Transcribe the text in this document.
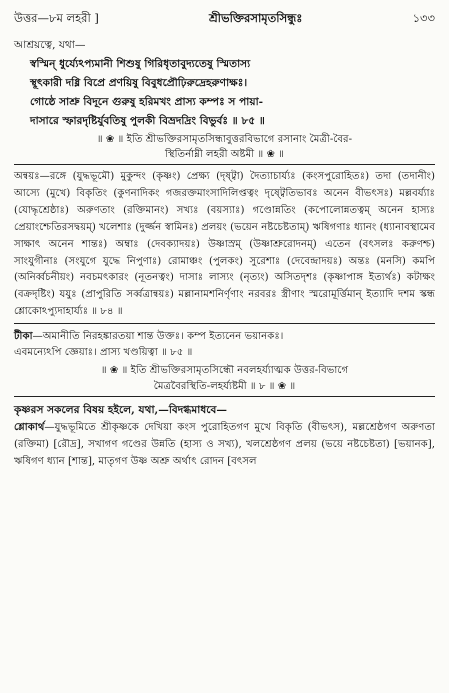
উত্তর—৮ম লহরী ]	শ্রীভক্তিরসামৃতসিন্ধুঃ	১৩৩
আশ্রয়ত্বে, যথা—
স্বস্মিন্‌ ধুর্য্যেঽপ্যমানী শিশুষু গিরিধৃতাবুদ্যতেষু স্মিতাস্য
স্থূৎকারী দধ্নি বিপ্রে প্রণয়িষু বিবুধপ্রৌঢ়িরুদ্রেহরুণাক্ষঃ।
গোষ্ঠে সাশ্রু বিদূনে গুরুষু হরিমখং প্রাস্য কম্পঃ স পায়া-
দাসারে স্ফারদৃষ্টির্যুবতিষু পুলকী বিভ্রদদ্রিং বিভুর্বঃ ॥ ৮৫ ॥

॥ ❀ ॥ ইতি শ্রীভক্তিরসামৃতসিন্ধাবুত্তরবিভাগে রসানাং মৈত্রী-বৈর-

স্থিতির্নাম্নী লহরী অষ্টমী ॥ ❀ ॥

অন্বয়ঃ—রঙ্গে (যুদ্ধভূমৌ) মুকুন্দং (কৃষ্ণং) প্রেক্ষ্য (দৃষ্ট্বা) দৈত্যাচার্য্যঃ (কংসপুরোহিতঃ) তদা (তদানীং) আস্যে (মুখে) বিকৃতিং (কুণনাদিকং গজরক্তমাংসাদিলিপ্তত্বং দৃষ্ট্বেতিভাবঃ অনেন বীভৎসঃ) মল্লবর্য্যাঃ (যোদ্ধৃশ্রেষ্ঠাঃ) অরুণতাং (রক্তিমানং) সখ্যঃ (বয়স্যাঃ) গণ্ডোন্নতিং (কপোলোন্নতত্বম্‌ অনেন হাস্যঃ প্রেয়াংশ্চেতিরসদ্বয়ম্‌) খলেশাঃ (দুর্জ্জন স্বামিনঃ) প্রলয়ং (ভয়েন নষ্টচেষ্টতাম্‌) ঋষিগণাঃ ধ্যানং (ধ্যানাবস্থামেব সাক্ষাৎ অনেন শান্তঃ) অম্বাঃ (দেবক্যাদয়ঃ) উষ্ণাস্রম্‌ (উষ্ণাশ্রুরোদনম্‌) এতেন (বৎসলঃ করুণশ্চ) সাংযুগীনাঃ (সংযুগে যুদ্ধে নিপুণাঃ) রোমাঞ্চং (পুলকং) সুরেশাঃ (দেবেন্দ্রাদয়ঃ) অন্তঃ (মনসি) কমপি (অনির্ব্বচনীয়ং) নবচমৎকারং (নূতনত্বং) দাসাঃ লাস্যং (নৃত্যং) অসিতদৃশঃ (কৃষ্ণাপাঙ্গ ইত্যর্থঃ) কটাক্ষং (বক্রদৃষ্টিং) যযুঃ (প্রাপুরিতি সর্ব্বত্রান্বয়ঃ) মল্লানামশনির্ণৃণাং নরবরঃ স্ত্রীণাং স্মরোমূর্ত্তিমান্‌ ইত্যাদি দশম স্কন্ধ শ্লোকোঽপ্যুদাহার্য্যঃ ॥ ৮৪ ॥

টীকা—অমানীতি নিরহঙ্কারতয়া শান্ত উক্তঃ। কম্প ইত্যনেন ভয়ানকঃ।

এবমন্যেঽপি জ্ঞেয়াঃ। প্রাস্য খণ্ডয়িত্বা ॥ ৮৫ ॥

॥ ❀ ॥ ইতি শ্রীভক্তিরসামৃতসিন্ধৌ নবলহর্য্যাত্মক উত্তর-বিভাগে

মৈত্রবৈরস্থিতি-লহর্য্যষ্টমী ॥ ৮ ॥ ❀ ॥

কৃষ্ণরস সকলের বিষয় হইলে, যথা,—বিদগ্ধমাধবে—

শ্লোকার্থ—যুদ্ধভূমিতে শ্রীকৃষ্ণকে দেখিয়া কংস পুরোহিতগণ মুখে বিকৃতি (বীভৎস), মল্লশ্রেষ্ঠগণ অরুণতা (রক্তিমা) [রৌদ্র], সখাগণ গণ্ডের উন্নতি (হাস্য ও সখ্য), খলশ্রেষ্ঠগণ প্রলয় (ভয়ে নষ্টচেষ্টতা) [ভয়ানক], ঋষিগণ ধ্যান [শান্ত], মাতৃগণ উষ্ণ অশ্রু অর্থাৎ রোদন [বৎসল
